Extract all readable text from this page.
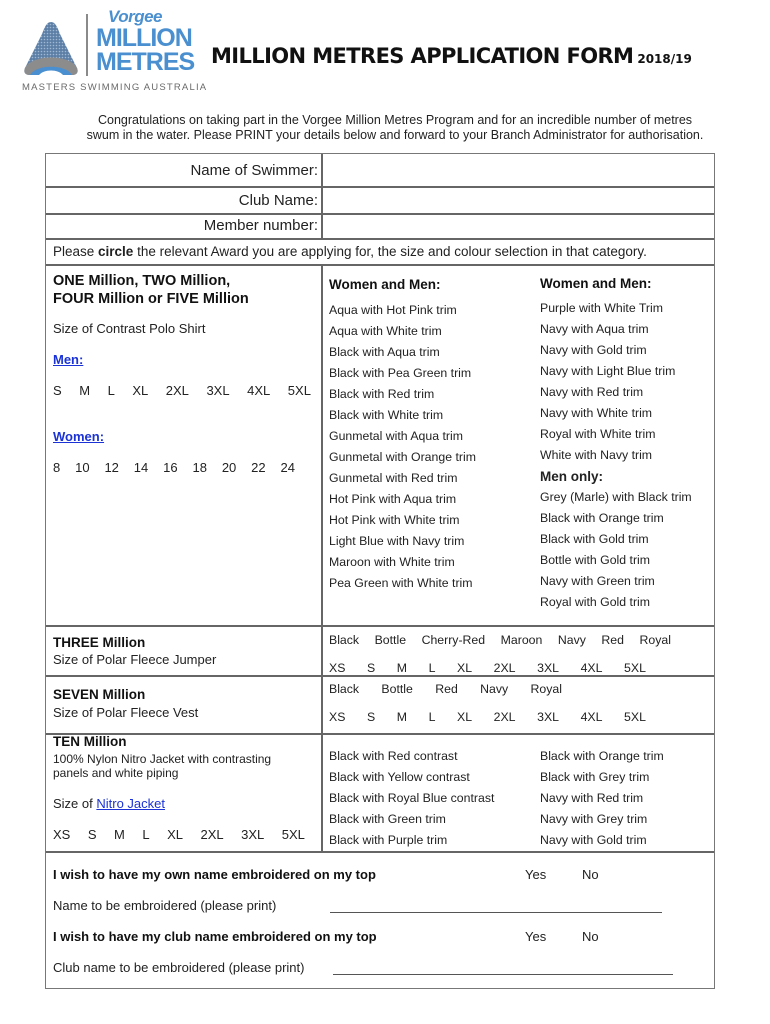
Vorgee
MILLION
METRES
MASTERS SWIMMING AUSTRALIA
MILLION METRES APPLICATION FORM 2018/19
Congratulations on taking part in the Vorgee Million Metres Program and for an incredible number of metres
swum in the water. Please PRINT your details below and forward to your Branch Administrator for authorisation.
Name of Swimmer:
Club Name:
Member number:
Please circle the relevant Award you are applying for, the size and colour selection in that category.
ONE Million, TWO Million,
FOUR Million or FIVE Million
Size of Contrast Polo Shirt
Men:
S M L XL 2XL 3XL 4XL 5XL
Women:
8 10 12 14 16 18 20 22 24
Women and Men:
Aqua with Hot Pink trim
Aqua with White trim
Black with Aqua trim
Black with Pea Green trim
Black with Red trim
Black with White trim
Gunmetal with Aqua trim
Gunmetal with Orange trim
Gunmetal with Red trim
Hot Pink with Aqua trim
Hot Pink with White trim
Light Blue with Navy trim
Maroon with White trim
Pea Green with White trim
Women and Men:
Purple with White Trim
Navy with Aqua trim
Navy with Gold trim
Navy with Light Blue trim
Navy with Red trim
Navy with White trim
Royal with White trim
White with Navy trim
Men only:
Grey (Marle) with Black trim
Black with Orange trim
Black with Gold trim
Bottle with Gold trim
Navy with Green trim
Royal with Gold trim
THREE Million
Size of Polar Fleece Jumper
Black Bottle Cherry-Red Maroon Navy Red Royal
XS S M L XL 2XL 3XL 4XL 5XL
SEVEN Million
Size of Polar Fleece Vest
Black Bottle Red Navy Royal
XS S M L XL 2XL 3XL 4XL 5XL
TEN Million
100% Nylon Nitro Jacket with contrasting
panels and white piping
Size of Nitro Jacket
XS S M L XL 2XL 3XL 5XL
Black with Red contrast
Black with Yellow contrast
Black with Royal Blue contrast
Black with Green trim
Black with Purple trim
Black with Orange trim
Black with Grey trim
Navy with Red trim
Navy with Grey trim
Navy with Gold trim
I wish to have my own name embroidered on my top	Yes	No
Name to be embroidered (please print)
I wish to have my club name embroidered on my top	Yes	No
Club name to be embroidered (please print)
